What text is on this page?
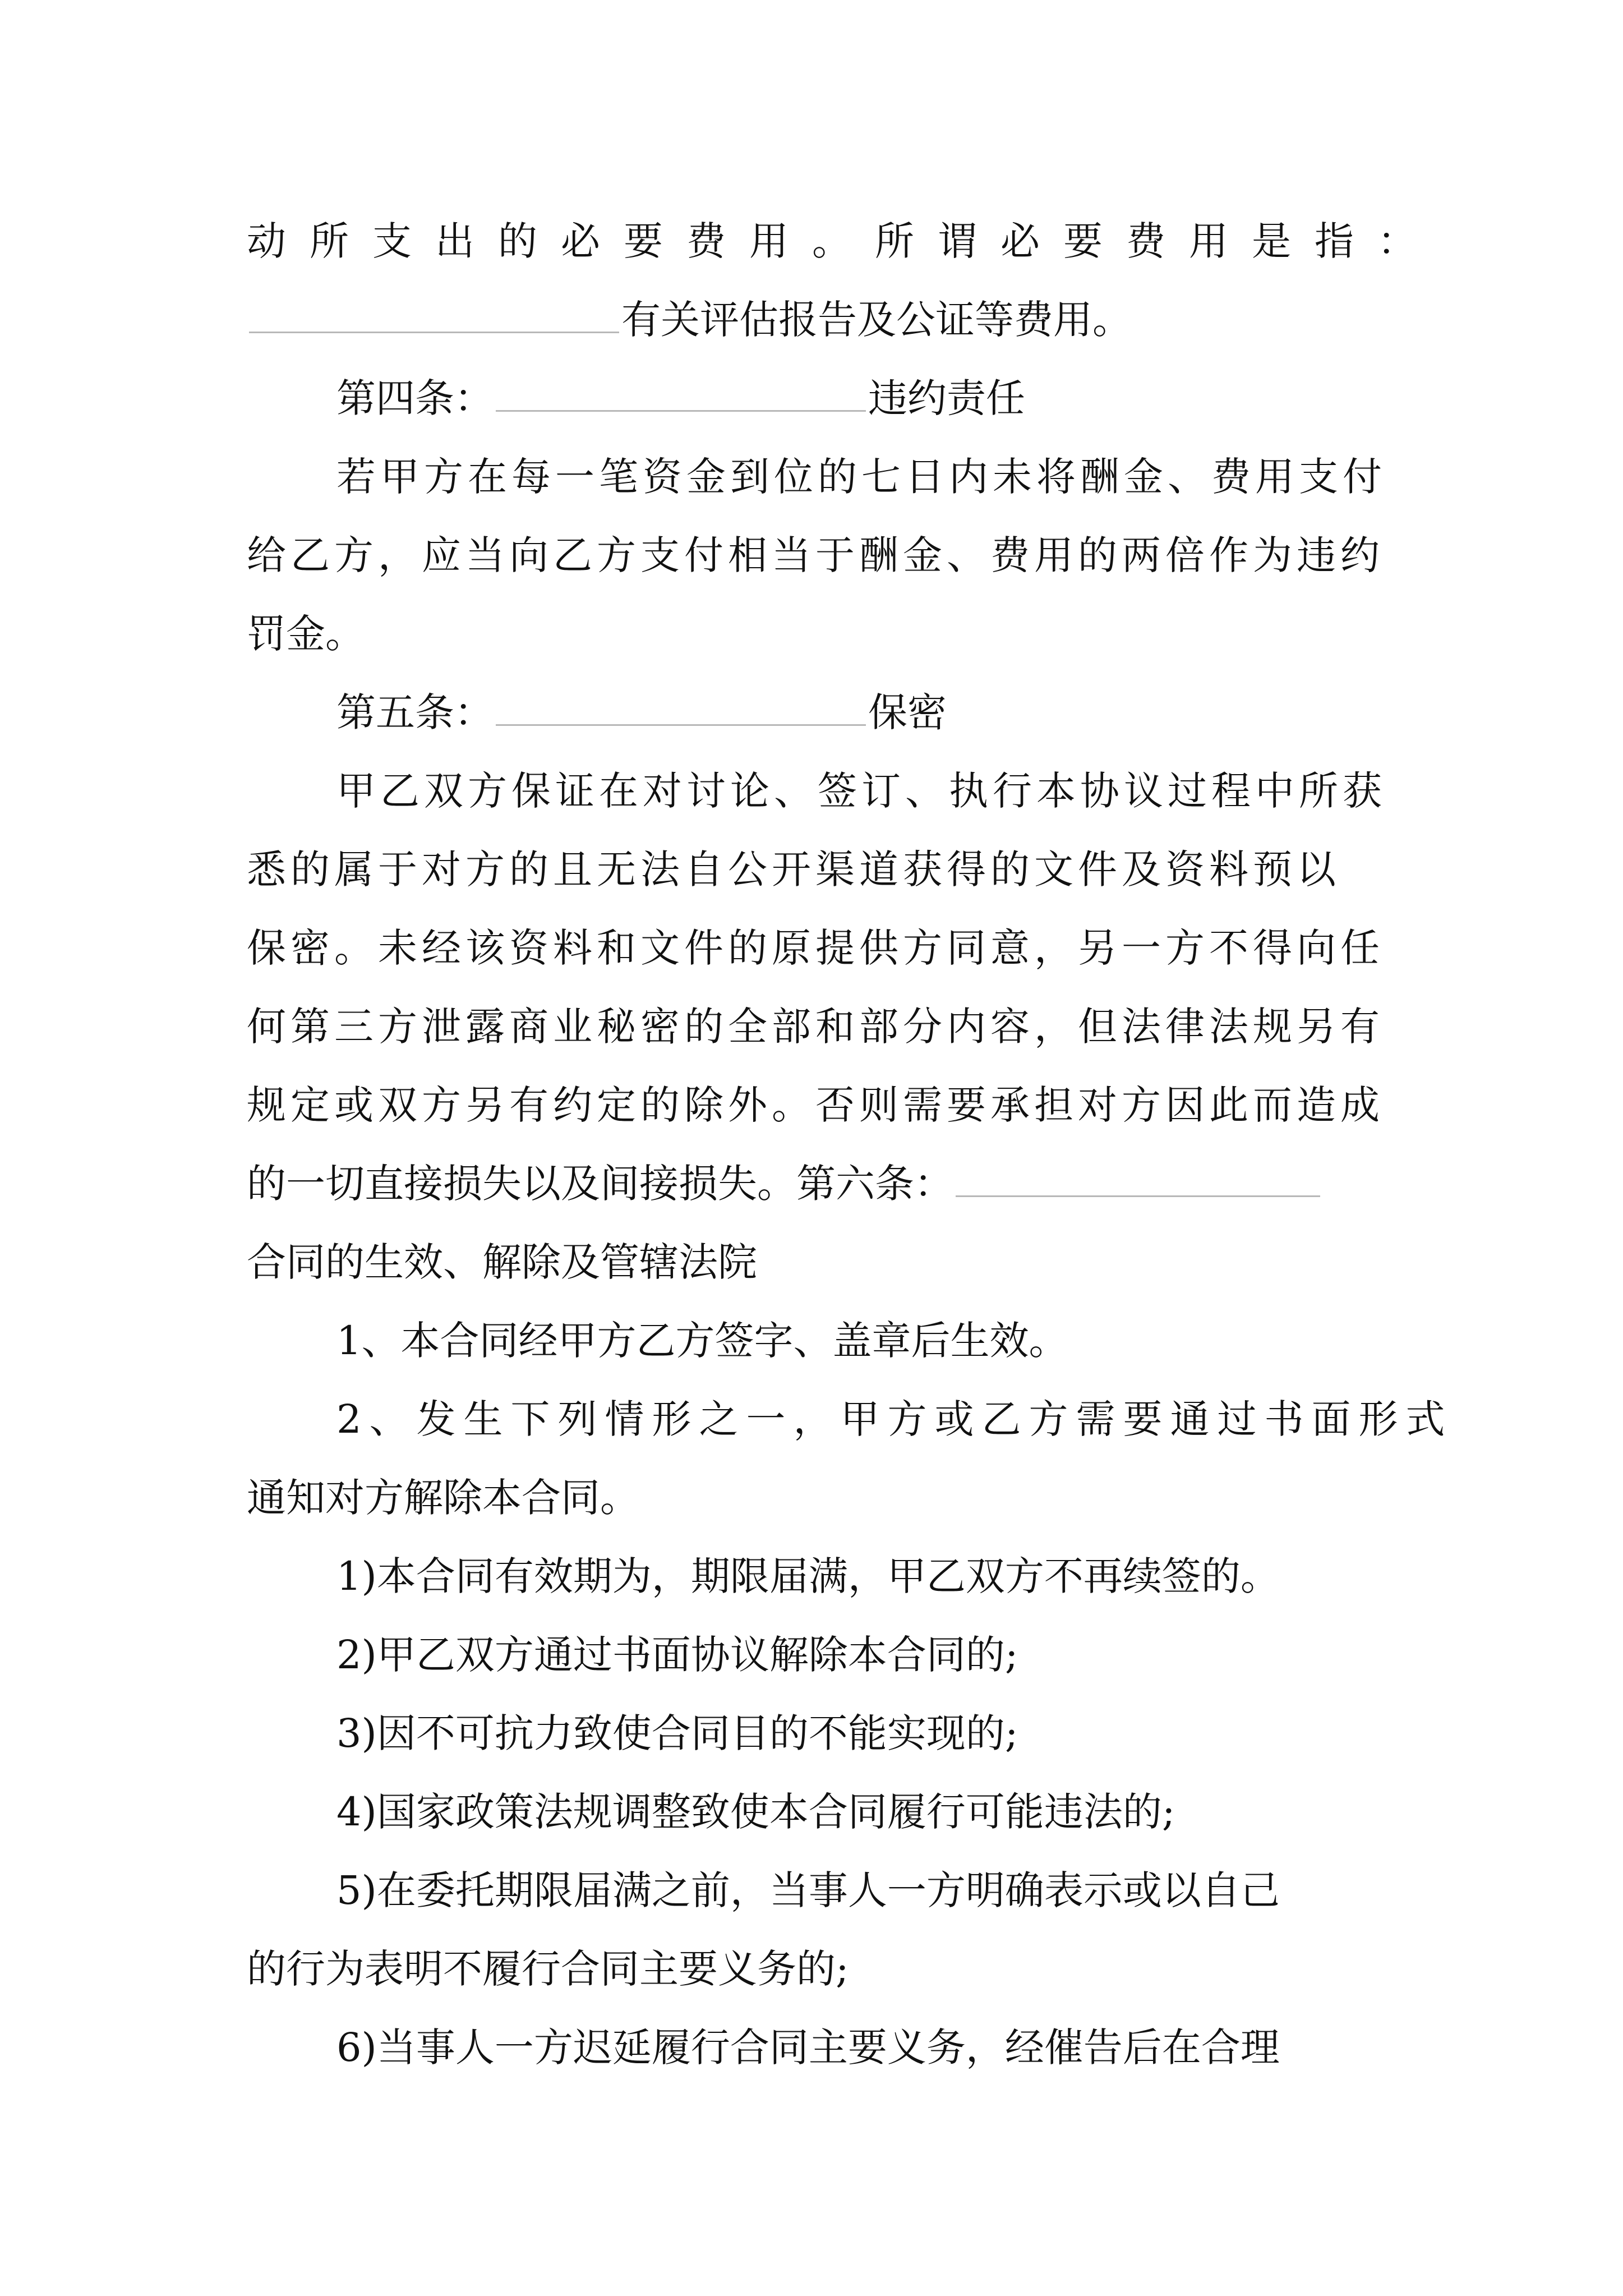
动所支出的必要费用。所谓必要费用是指：
有关评估报告及公证等费用。
第四条：	违约责任
若甲方在每一笔资金到位的七日内未将酬金、费用支付
给乙方，应当向乙方支付相当于酬金、费用的两倍作为违约
罚金。
第五条：	保密
甲乙双方保证在对讨论、签订、执行本协议过程中所获
悉的属于对方的且无法自公开渠道获得的文件及资料预以
保密。未经该资料和文件的原提供方同意，另一方不得向任
何第三方泄露商业秘密的全部和部分内容，但法律法规另有
规定或双方另有约定的除外。否则需要承担对方因此而造成
的一切直接损失以及间接损失。第六条：
合同的生效、解除及管辖法院
1、本合同经甲方乙方签字、盖章后生效。
2、发生下列情形之一，甲方或乙方需要通过书面形式
通知对方解除本合同。
1)本合同有效期为，期限届满，甲乙双方不再续签的。
2)甲乙双方通过书面协议解除本合同的;
3)因不可抗力致使合同目的不能实现的;
4)国家政策法规调整致使本合同履行可能违法的;
5)在委托期限届满之前，当事人一方明确表示或以自己
的行为表明不履行合同主要义务的;
6)当事人一方迟延履行合同主要义务，经催告后在合理
